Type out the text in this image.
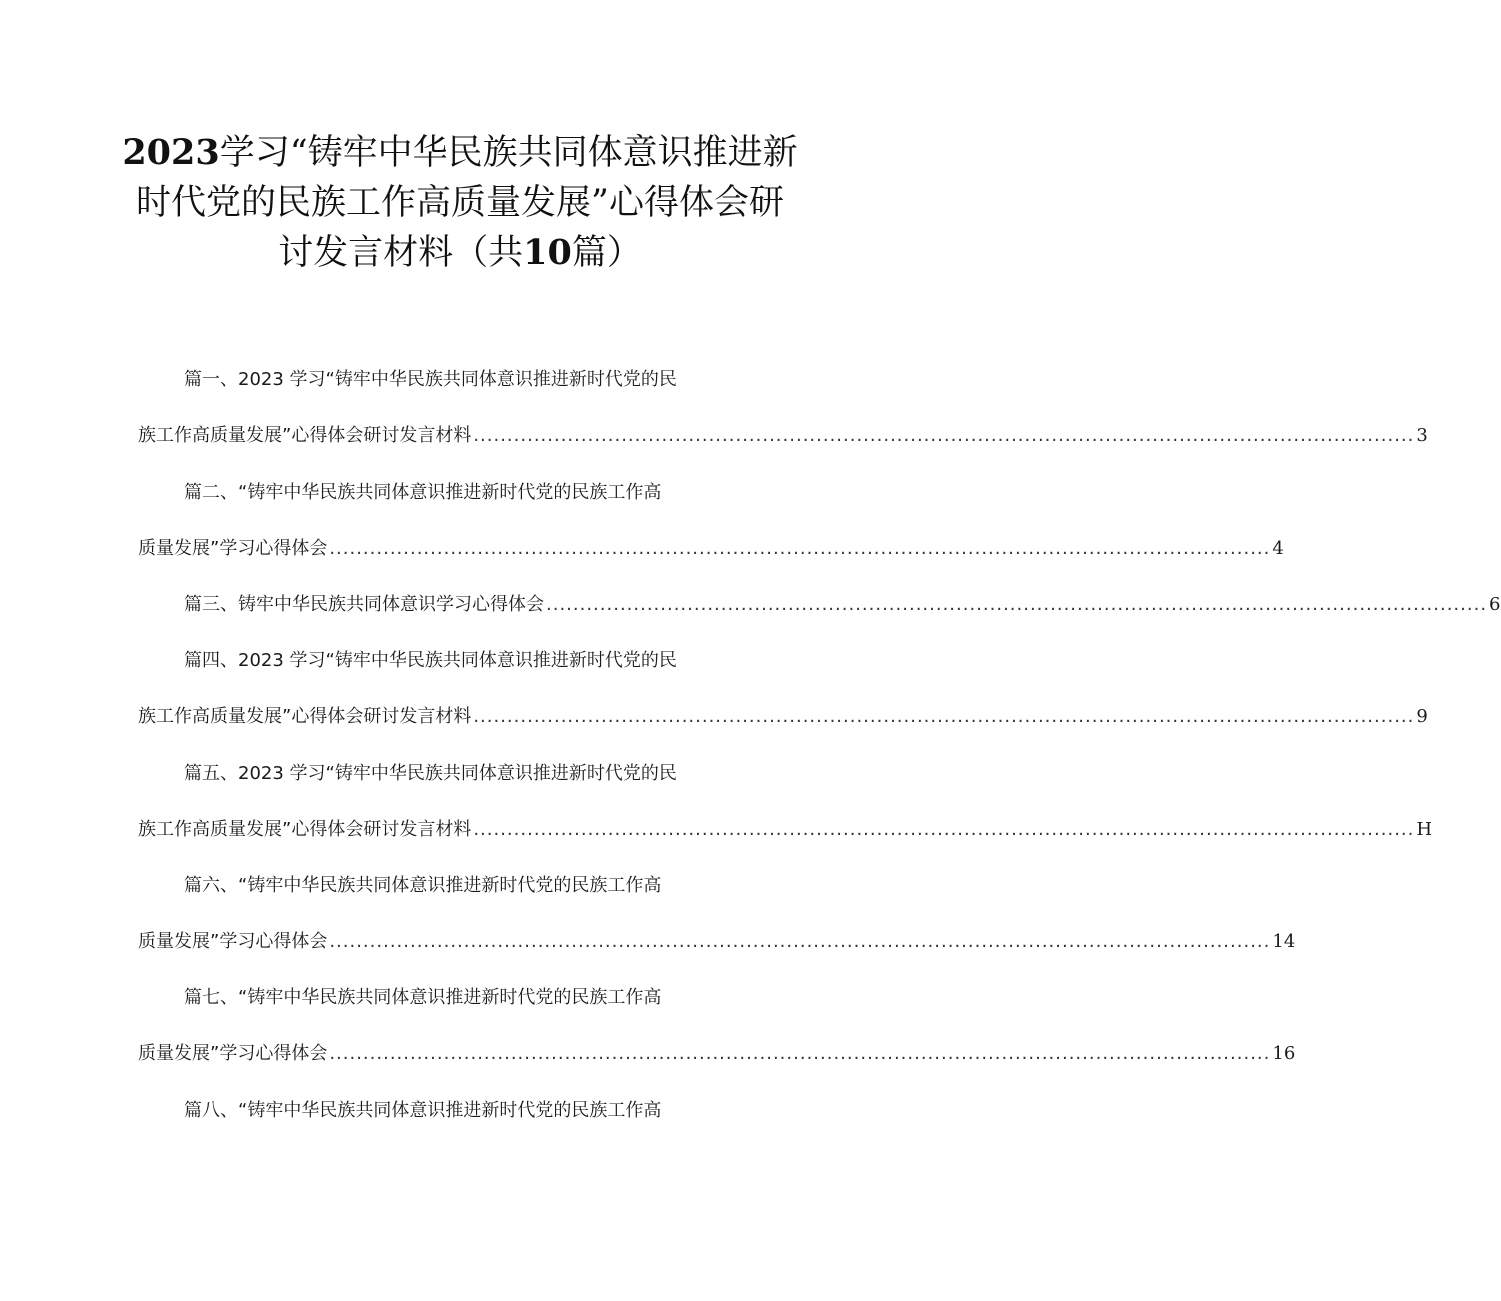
2023学习“铸牢中华民族共同体意识推进新
时代党的民族工作高质量发展”心得体会研
讨发言材料（共10篇）
篇一、2023 学习“铸牢中华民族共同体意识推进新时代党的民
族工作高质量发展”心得体会研讨发言材料 ............................................................................................................................................ 3
篇二、“铸牢中华民族共同体意识推进新时代党的民族工作高
质量发展”学习心得体会 ............................................................................................................................................ 4
篇三、铸牢中华民族共同体意识学习心得体会 ............................................................................................................................................ 6
篇四、2023 学习“铸牢中华民族共同体意识推进新时代党的民
族工作高质量发展”心得体会研讨发言材料 ............................................................................................................................................ 9
篇五、2023 学习“铸牢中华民族共同体意识推进新时代党的民
族工作高质量发展”心得体会研讨发言材料 ............................................................................................................................................ H
篇六、“铸牢中华民族共同体意识推进新时代党的民族工作高
质量发展”学习心得体会 ............................................................................................................................................ 14
篇七、“铸牢中华民族共同体意识推进新时代党的民族工作高
质量发展”学习心得体会 ............................................................................................................................................ 16
篇八、“铸牢中华民族共同体意识推进新时代党的民族工作高
